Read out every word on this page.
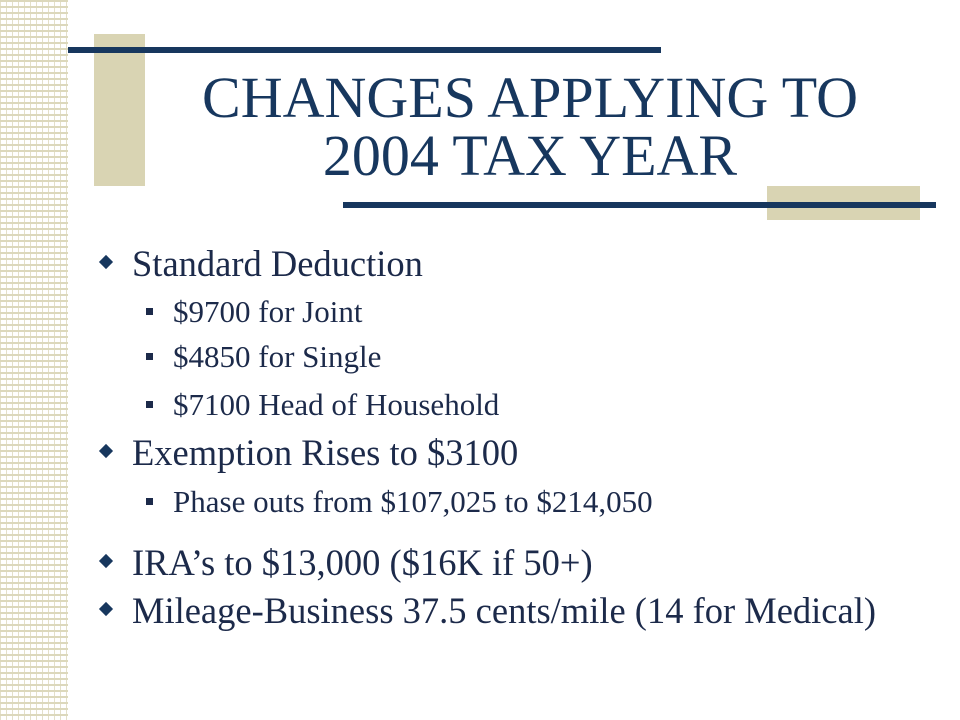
CHANGES APPLYING TO
2004 TAX YEAR
Standard Deduction
$9700 for Joint
$4850 for Single
$7100 Head of Household
Exemption Rises to $3100
Phase outs from $107,025 to $214,050
IRA’s to $13,000 ($16K if 50+)
Mileage-Business 37.5 cents/mile (14 for Medical)
